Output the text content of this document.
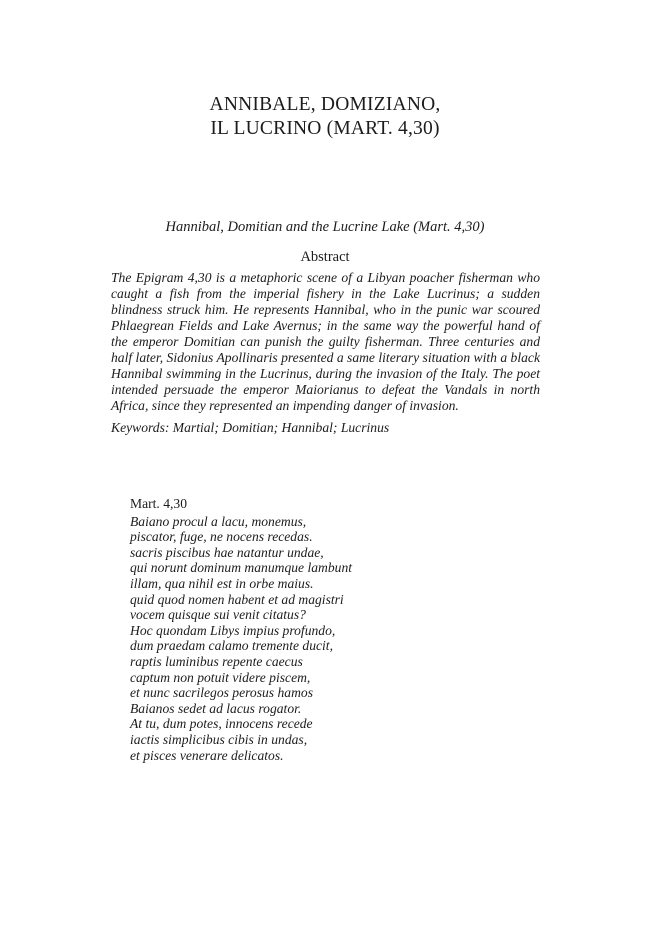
ANNIBALE, DOMIZIANO,
IL LUCRINO (MART. 4,30)
Hannibal, Domitian and the Lucrine Lake (Mart. 4,30)
Abstract
The Epigram 4,30 is a metaphoric scene of a Libyan poacher fisherman who caught a fish from the imperial fishery in the Lake Lucrinus; a sudden blindness struck him. He represents Hannibal, who in the punic war scoured Phlaegrean Fields and Lake Avernus; in the same way the powerful hand of the emperor Domitian can punish the guilty fisherman. Three centuries and half later, Sidonius Apollinaris presented a same literary situation with a black Hannibal swimming in the Lucrinus, during the invasion of the Italy. The poet intended persuade the emperor Maiorianus to defeat the Vandals in north Africa, since they represented an impending danger of invasion.
Keywords: Martial; Domitian; Hannibal; Lucrinus
Mart. 4,30
Baiano procul a lacu, monemus,
piscator, fuge, ne nocens recedas.
sacris piscibus hae natantur undae,
qui norunt dominum manumque lambunt
illam, qua nihil est in orbe maius.
quid quod nomen habent et ad magistri
vocem quisque sui venit citatus?
Hoc quondam Libys impius profundo,
dum praedam calamo tremente ducit,
raptis luminibus repente caecus
captum non potuit videre piscem,
et nunc sacrilegos perosus hamos
Baianos sedet ad lacus rogator.
At tu, dum potes, innocens recede
iactis simplicibus cibis in undas,
et pisces venerare delicatos.
